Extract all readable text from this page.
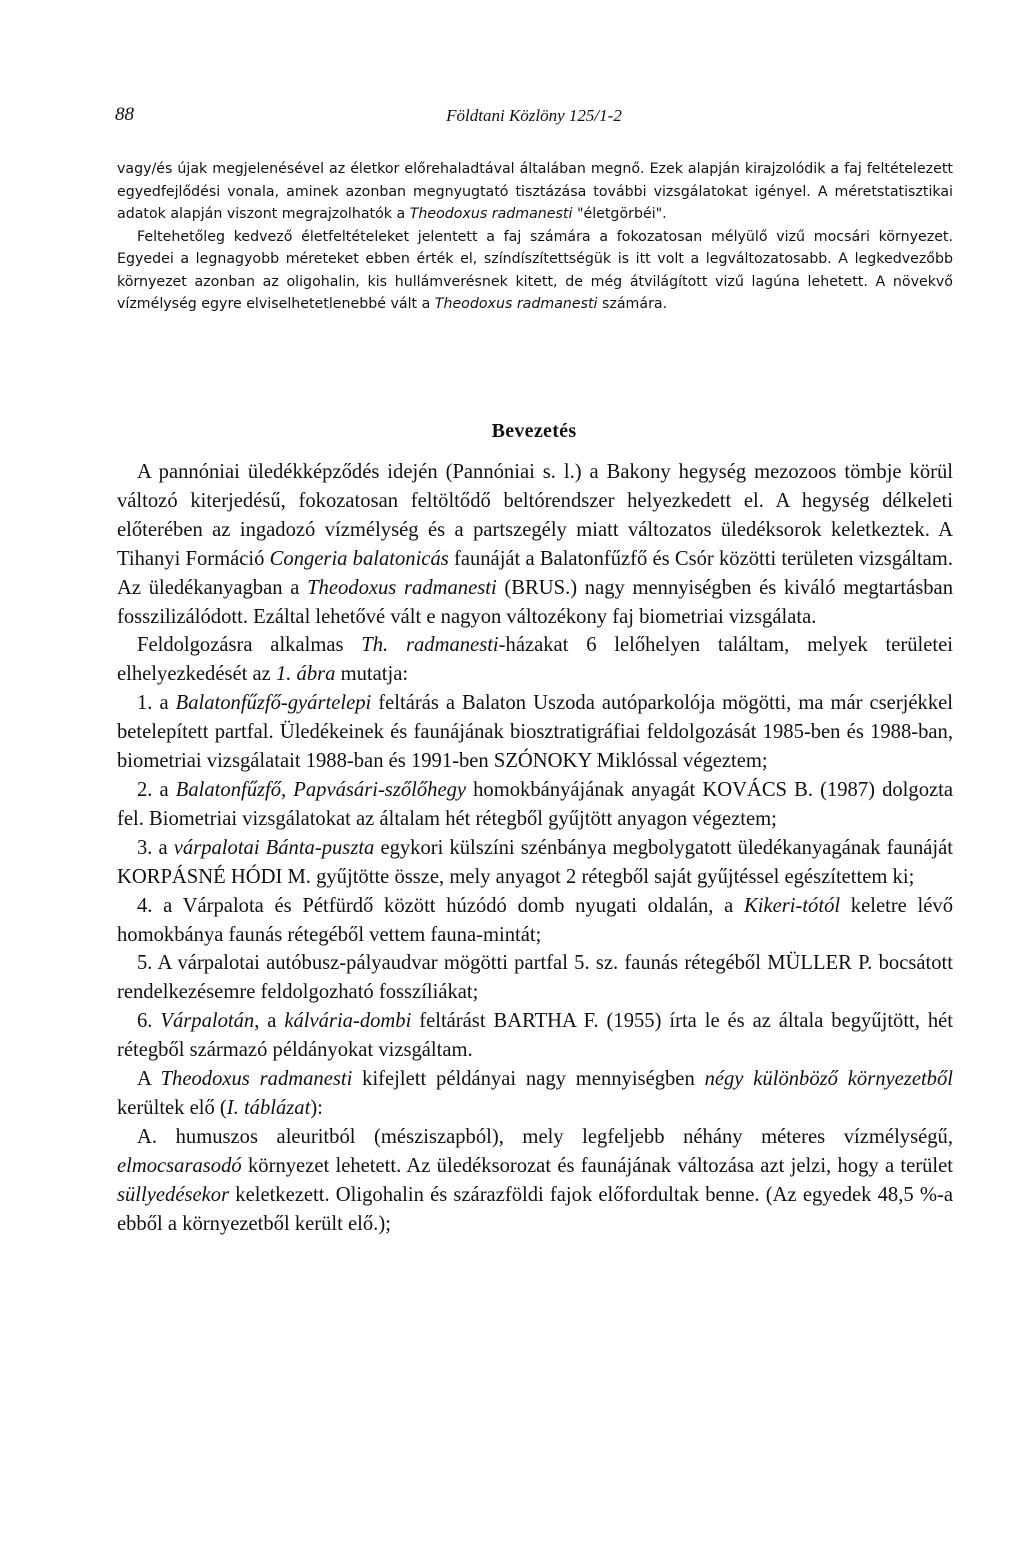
88	Földtani Közlöny 125/1-2

vagy/és újak megjelenésével az életkor előrehaladtával általában megnő. Ezek alapján kirajzolódik a faj feltételezett egyedfejlődési vonala, aminek azonban megnyugtató tisztázása további vizsgálatokat igényel. A méretstatisztikai adatok alapján viszont megrajzolhatók a Theodoxus radmanesti "életgörbéi".

Feltehetőleg kedvező életfeltételeket jelentett a faj számára a fokozatosan mélyülő vizű mocsári környezet. Egyedei a legnagyobb méreteket ebben érték el, színdíszítettségük is itt volt a legváltozatosabb. A legkedvezőbb környezet azonban az oligohalin, kis hullámverésnek kitett, de még átvilágított vizű lagúna lehetett. A növekvő vízmélység egyre elviselhetetlenebbé vált a Theodoxus radmanesti számára.

Bevezetés

A pannóniai üledékképződés idején (Pannóniai s. l.) a Bakony hegység mezozoos tömbje körül változó kiterjedésű, fokozatosan feltöltődő beltórendszer helyezkedett el. A hegység délkeleti előterében az ingadozó vízmélység és a partszegély miatt változatos üledéksorok keletkeztek. A Tihanyi Formáció Congeria balatonicás faunáját a Balatonfűzfő és Csór közötti területen vizsgáltam. Az üledékanyagban a Theodoxus radmanesti (BRUS.) nagy mennyiségben és kiváló megtartásban fosszilizálódott. Ezáltal lehetővé vált e nagyon változékony faj biometriai vizsgálata.

Feldolgozásra alkalmas Th. radmanesti-házakat 6 lelőhelyen találtam, melyek területei elhelyezkedését az 1. ábra mutatja:

1. a Balatonfűzfő-gyártelepi feltárás a Balaton Uszoda autóparkolója mögötti, ma már cserjékkel betelepített partfal. Üledékeinek és faunájának biosztratigráfiai feldolgozását 1985-ben és 1988-ban, biometriai vizsgálatait 1988-ban és 1991-ben SZÓNOKY Miklóssal végeztem;

2. a Balatonfűzfő, Papvásári-szőlőhegy homokbányájának anyagát KOVÁCS B. (1987) dolgozta fel. Biometriai vizsgálatokat az általam hét rétegből gyűjtött anyagon végeztem;

3. a várpalotai Bánta-puszta egykori külszíni szénbánya megbolygatott üledékanyagának faunáját KORPÁSNÉ HÓDI M. gyűjtötte össze, mely anyagot 2 rétegből saját gyűjtéssel egészítettem ki;

4. a Várpalota és Pétfürdő között húzódó domb nyugati oldalán, a Kikeri-tótól keletre lévő homokbánya faunás rétegéből vettem fauna-mintát;

5. A várpalotai autóbusz-pályaudvar mögötti partfal 5. sz. faunás rétegéből MÜLLER P. bocsátott rendelkezésemre feldolgozható fosszíliákat;

6. Várpalotán, a kálvária-dombi feltárást BARTHA F. (1955) írta le és az általa begyűjtött, hét rétegből származó példányokat vizsgáltam.

A Theodoxus radmanesti kifejlett példányai nagy mennyiségben négy különböző környezetből kerültek elő (I. táblázat):

A. humuszos aleuritból (mésziszapból), mely legfeljebb néhány méteres vízmélységű, elmocsarasodó környezet lehetett. Az üledéksorozat és faunájának változása azt jelzi, hogy a terület süllyedésekor keletkezett. Oligohalin és szárazföldi fajok előfordultak benne. (Az egyedek 48,5 %-a ebből a környezetből került elő.);
